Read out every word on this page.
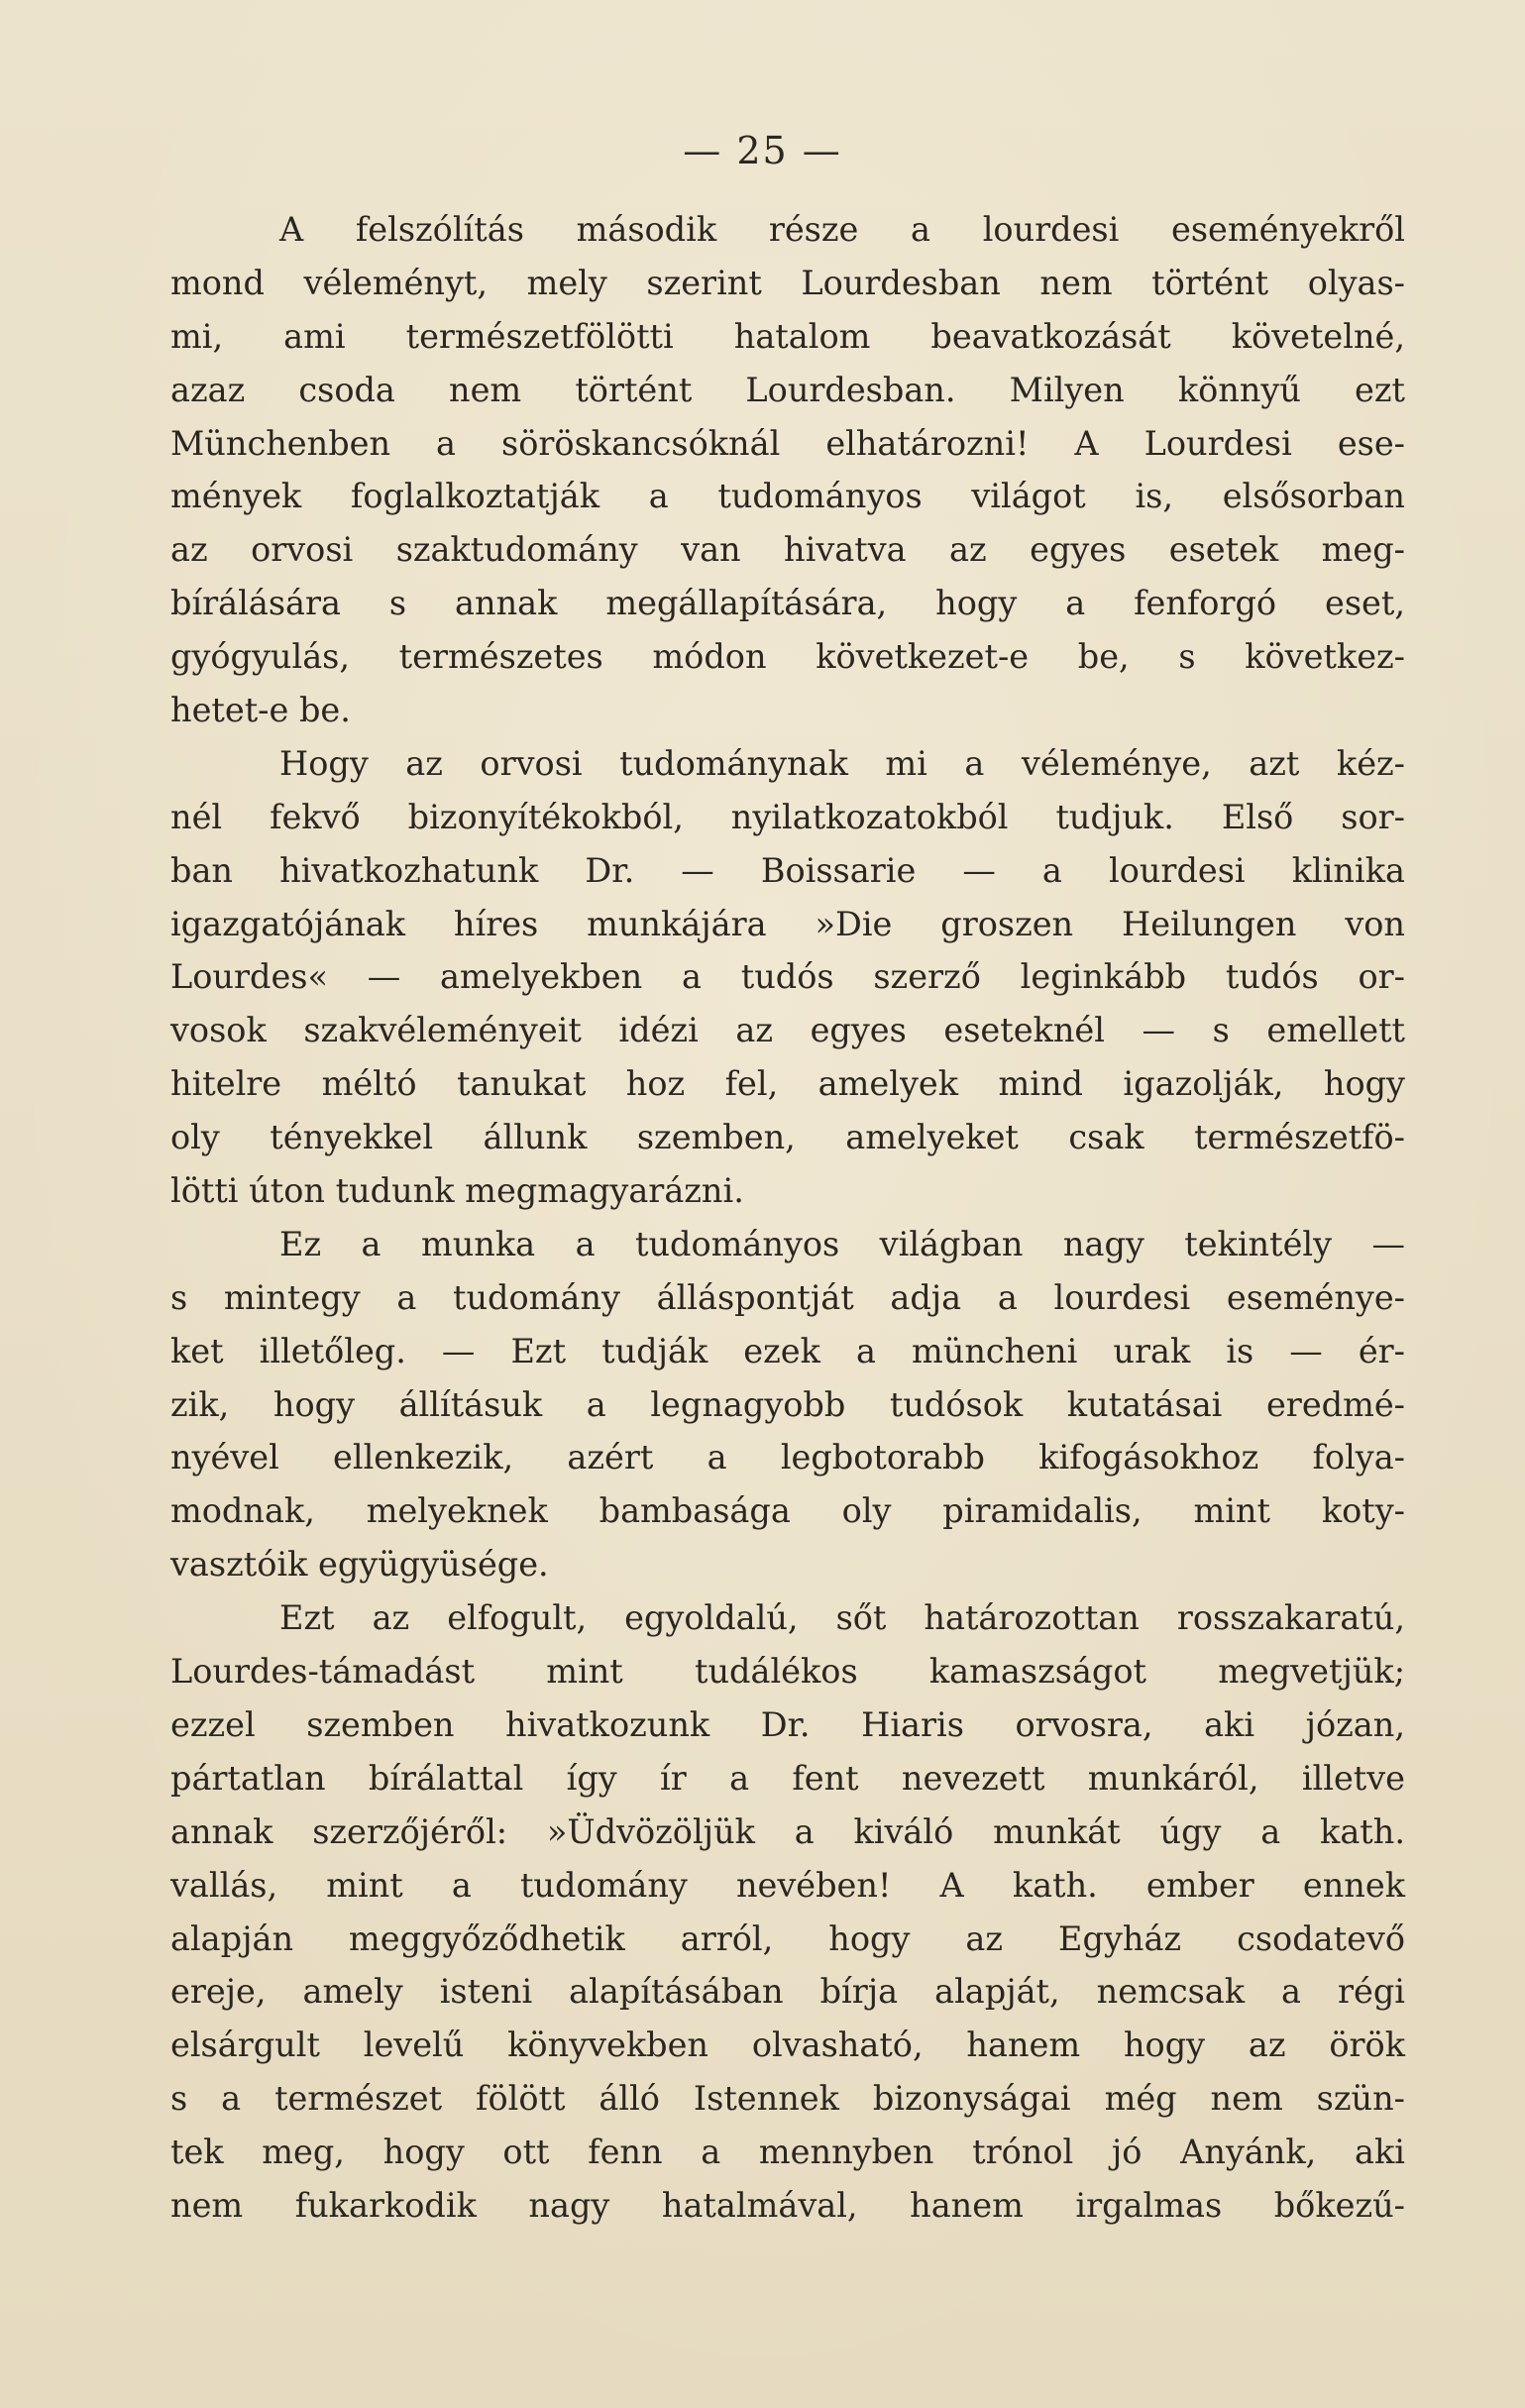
— 25 —
A felszólítás második része a lourdesi eseményekről
mond véleményt, mely szerint Lourdesban nem történt olyas-
mi, ami természetfölötti hatalom beavatkozását követelné,
azaz csoda nem történt Lourdesban. Milyen könnyű ezt
Münchenben a söröskancsóknál elhatározni! A Lourdesi ese-
mények foglalkoztatják a tudományos világot is, elsősorban
az orvosi szaktudomány van hivatva az egyes esetek meg-
bírálására s annak megállapítására, hogy a fenforgó eset,
gyógyulás, természetes módon következet-e be, s következ-
hetet-e be.
Hogy az orvosi tudománynak mi a véleménye, azt kéz-
nél fekvő bizonyítékokból, nyilatkozatokból tudjuk. Első sor-
ban hivatkozhatunk Dr. — Boissarie — a lourdesi klinika
igazgatójának híres munkájára »Die groszen Heilungen von
Lourdes« — amelyekben a tudós szerző leginkább tudós or-
vosok szakvéleményeit idézi az egyes eseteknél — s emellett
hitelre méltó tanukat hoz fel, amelyek mind igazolják, hogy
oly tényekkel állunk szemben, amelyeket csak természetfö-
lötti úton tudunk megmagyarázni.
Ez a munka a tudományos világban nagy tekintély —
s mintegy a tudomány álláspontját adja a lourdesi eseménye-
ket illetőleg. — Ezt tudják ezek a müncheni urak is — ér-
zik, hogy állításuk a legnagyobb tudósok kutatásai eredmé-
nyével ellenkezik, azért a legbotorabb kifogásokhoz folya-
modnak, melyeknek bambasága oly piramidalis, mint koty-
vasztóik együgyüsége.
Ezt az elfogult, egyoldalú, sőt határozottan rosszakaratú,
Lourdes-támadást mint tudálékos kamaszságot megvetjük;
ezzel szemben hivatkozunk Dr. Hiaris orvosra, aki józan,
pártatlan bírálattal így ír a fent nevezett munkáról, illetve
annak szerzőjéről: »Üdvözöljük a kiváló munkát úgy a kath.
vallás, mint a tudomány nevében! A kath. ember ennek
alapján meggyőződhetik arról, hogy az Egyház csodatevő
ereje, amely isteni alapításában bírja alapját, nemcsak a régi
elsárgult levelű könyvekben olvasható, hanem hogy az örök
s a természet fölött álló Istennek bizonyságai még nem szün-
tek meg, hogy ott fenn a mennyben trónol jó Anyánk, aki
nem fukarkodik nagy hatalmával, hanem irgalmas bőkezű-
